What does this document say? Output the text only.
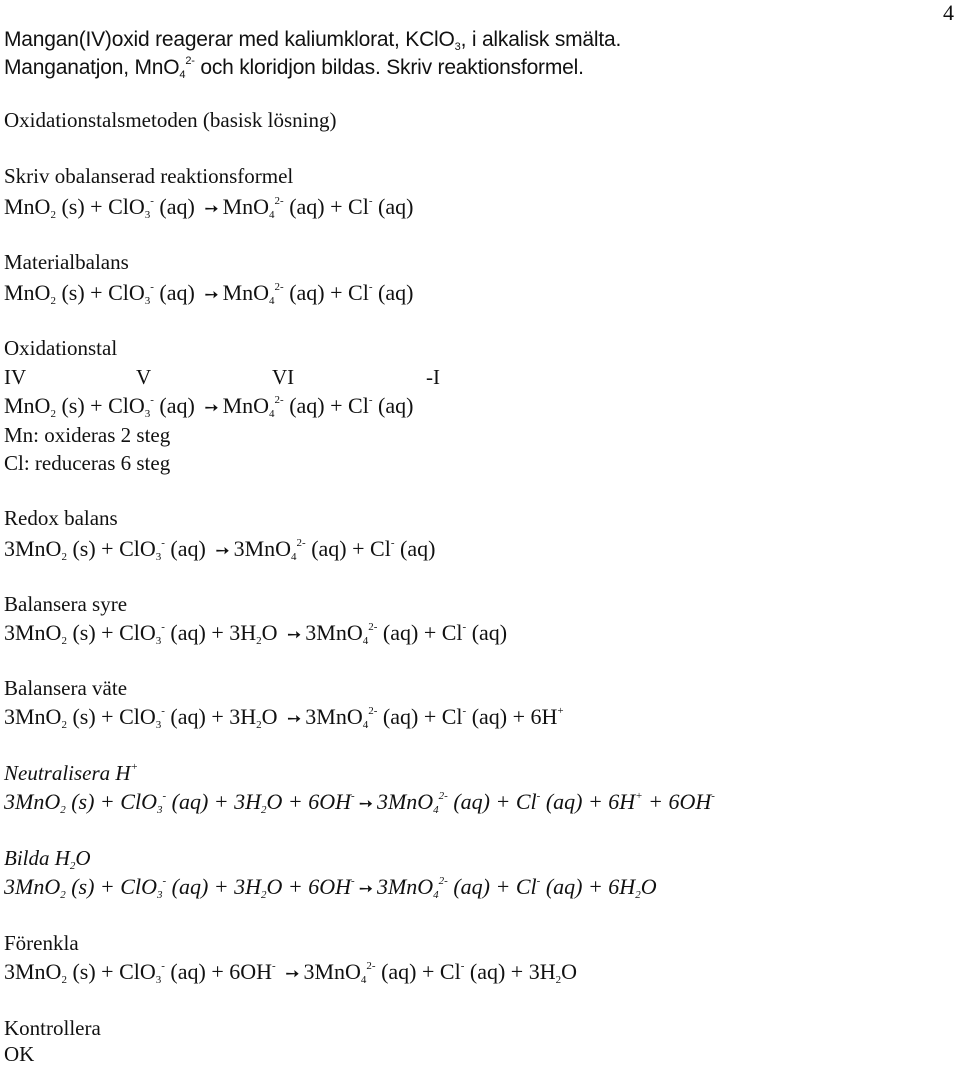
4
Mangan(IV)oxid reagerar med kaliumklorat, KClO$_3$, i alkalisk smälta.
Manganatjon, MnO$_4^{2-}$ och kloridjon bildas. Skriv reaktionsformel.
Oxidationstalsmetoden (basisk lösning)
Skriv obalanserad reaktionsformel
MnO$_2$ (s) + ClO$_3$- (aq) ➙ MnO$_4^{2-}$ (aq) + Cl- (aq)
Materialbalans
MnO$_2$ (s) + ClO$_3$- (aq) ➙ MnO$_4^{2-}$ (aq) + Cl- (aq)
Oxidationstal
IV	V	VI	-I
MnO$_2$ (s) + ClO$_3$- (aq) ➙ MnO$_4^{2-}$ (aq) + Cl- (aq)
Mn: oxideras 2 steg
Cl: reduceras 6 steg
Redox balans
3MnO$_2$ (s) + ClO$_3$- (aq) ➙ 3MnO$_4^{2-}$ (aq) + Cl- (aq)
Balansera syre
3MnO$_2$ (s) + ClO$_3$- $(aq) + 3H_2O$ ➙ 3MnO$_4^{2-}$ (aq) + Cl- (aq)
Balansera väte
3MnO$_2$ (s) + ClO$_3$- $(aq) + 3H_2O$ ➙ 3MnO$_4^{2-}$ (aq) + Cl- (aq) + 6H+
Neutralisera H+
3MnO$_2$ (s) + ClO$_3$- $(aq) + 3H_2O + 6OH^-$ ➙ 3MnO$_4^{2-}$ (aq) + Cl- (aq) + 6H+ + 6OH-
Bilda $H_2O$
3MnO$_2$ (s) + ClO$_3$- $(aq) + 3H_2O + 6OH^-$ ➙ 3MnO$_4^{2-}$ (aq) + Cl- $(aq) + 6H_2O$
Förenkla
3MnO$_2$ (s) + ClO$_3$- (aq) + 6OH- ➙ 3MnO$_4^{2-}$ (aq) + Cl- $(aq) + 3H_2O$
Kontrollera
OK
